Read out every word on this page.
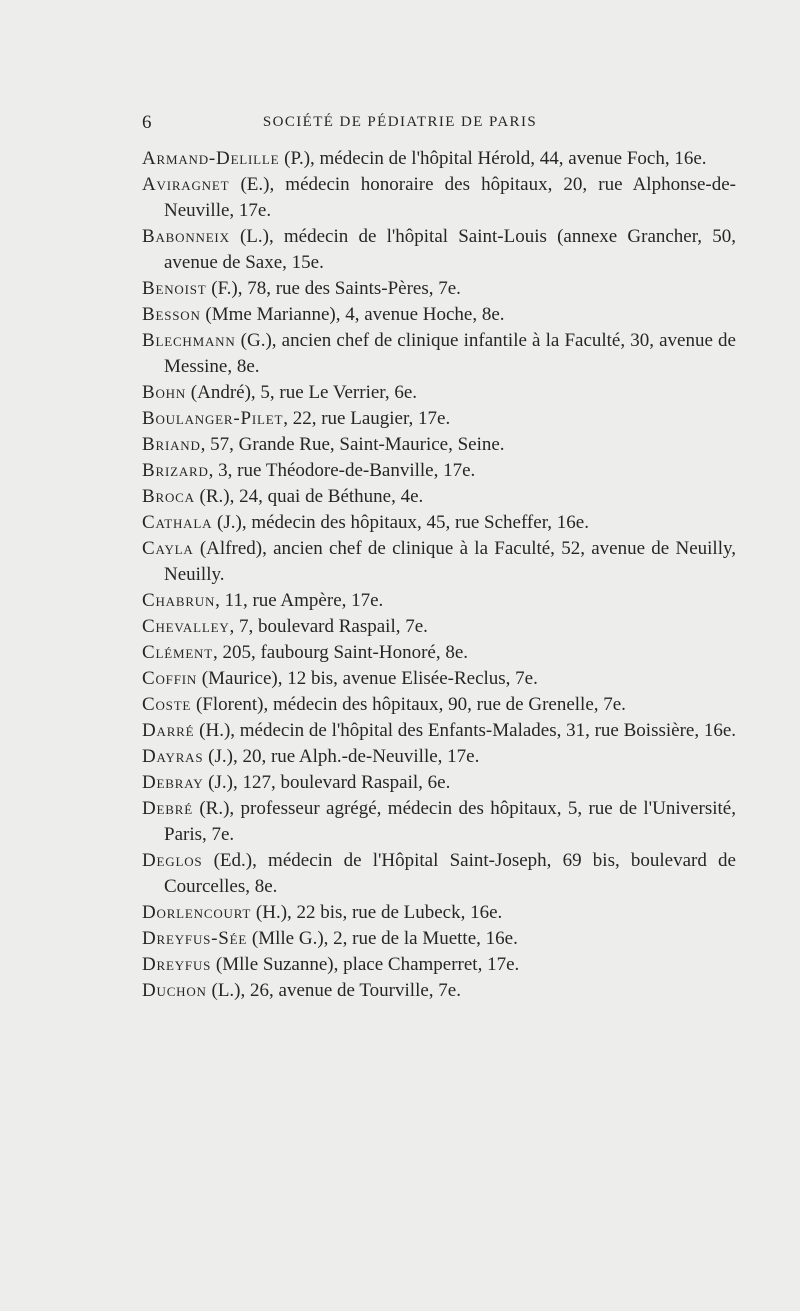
6	SOCIÉTÉ DE PÉDIATRIE DE PARIS

Armand-Delille (P.), médecin de l'hôpital Hérold, 44, avenue Foch, 16e.

Aviragnet (E.), médecin honoraire des hôpitaux, 20, rue Alphonse-de-Neuville, 17e.

Babonneix (L.), médecin de l'hôpital Saint-Louis (annexe Grancher, 50, avenue de Saxe, 15e.

Benoist (F.), 78, rue des Saints-Pères, 7e.

Besson (Mme Marianne), 4, avenue Hoche, 8e.

Blechmann (G.), ancien chef de clinique infantile à la Faculté, 30, avenue de Messine, 8e.

Bohn (André), 5, rue Le Verrier, 6e.

Boulanger-Pilet, 22, rue Laugier, 17e.

Briand, 57, Grande Rue, Saint-Maurice, Seine.

Brizard, 3, rue Théodore-de-Banville, 17e.

Broca (R.), 24, quai de Béthune, 4e.

Cathala (J.), médecin des hôpitaux, 45, rue Scheffer, 16e.

Cayla (Alfred), ancien chef de clinique à la Faculté, 52, avenue de Neuilly, Neuilly.

Chabrun, 11, rue Ampère, 17e.

Chevalley, 7, boulevard Raspail, 7e.

Clément, 205, faubourg Saint-Honoré, 8e.

Coffin (Maurice), 12 bis, avenue Elisée-Reclus, 7e.

Coste (Florent), médecin des hôpitaux, 90, rue de Grenelle, 7e.

Darré (H.), médecin de l'hôpital des Enfants-Malades, 31, rue Boissière, 16e.

Dayras (J.), 20, rue Alph.-de-Neuville, 17e.

Debray (J.), 127, boulevard Raspail, 6e.

Debré (R.), professeur agrégé, médecin des hôpitaux, 5, rue de l'Université, Paris, 7e.

Deglos (Ed.), médecin de l'Hôpital Saint-Joseph, 69 bis, boulevard de Courcelles, 8e.

Dorlencourt (H.), 22 bis, rue de Lubeck, 16e.

Dreyfus-Sée (Mlle G.), 2, rue de la Muette, 16e.

Dreyfus (Mlle Suzanne), place Champerret, 17e.

Duchon (L.), 26, avenue de Tourville, 7e.
